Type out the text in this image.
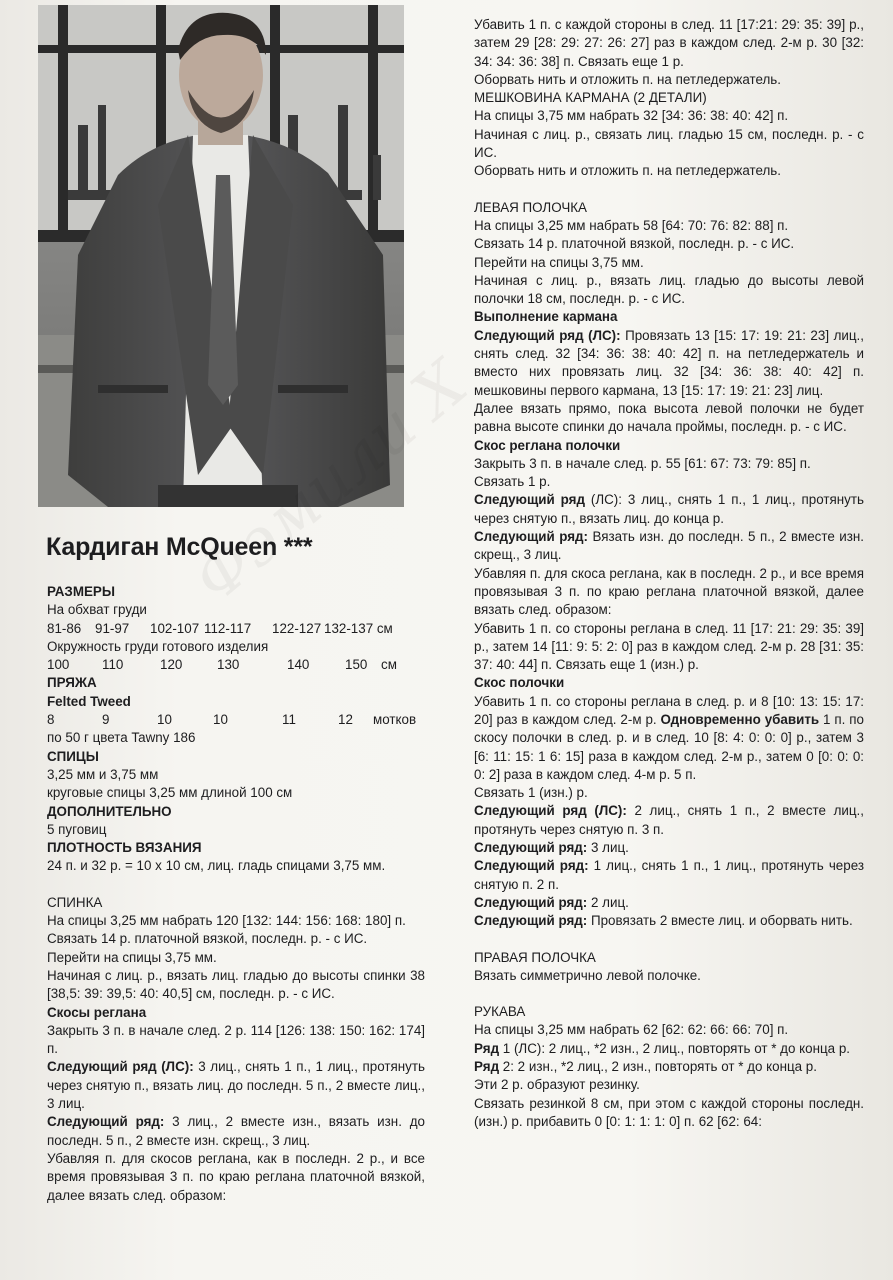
Кардиган McQueen ***

РАЗМЕРЫ

На обхват груди

81-86	91-97	102-107 112-117	122-127 132-137 см

Окружность груди готового изделия

100	110	120	130	140	150	см

ПРЯЖА

Felted Tweed

8	9	10	10	11	12	мотков

по 50 г цвета Tawny 186

СПИЦЫ

3,25 мм и 3,75 мм

круговые спицы 3,25 мм длиной 100 см

ДОПОЛНИТЕЛЬНО

5 пуговиц

ПЛОТНОСТЬ ВЯЗАНИЯ

24 п. и 32 р. = 10 х 10 см, лиц. гладь спицами 3,75 мм.

СПИНКА

На спицы 3,25 мм набрать 120 [132: 144: 156: 168: 180] п.

Связать 14 р. платочной вязкой, последн. р. - с ИС.

Перейти на спицы 3,75 мм.

Начиная с лиц. р., вязать лиц. гладью до высоты спинки 38 [38,5: 39: 39,5: 40: 40,5] см, последн. р. - с ИС.

Скосы реглана

Закрыть 3 п. в начале след. 2 р. 114 [126: 138: 150: 162: 174] п.

Следующий ряд (ЛС): 3 лиц., снять 1 п., 1 лиц., протянуть через снятую п., вязать лиц. до последн. 5 п., 2 вместе лиц., 3 лиц.

Следующий ряд: 3 лиц., 2 вместе изн., вязать изн. до последн. 5 п., 2 вместе изн. скрещ., 3 лиц.

Убавляя п. для скосов реглана, как в последн. 2 р., и все время провязывая 3 п. по краю реглана платочной вязкой, далее вязать след. образом:

Убавить 1 п. с каждой стороны в след. 11 [17:21: 29: 35: 39] р., затем 29 [28: 29: 27: 26: 27] раз в каждом след. 2-м р. 30 [32: 34: 34: 36: 38] п. Связать еще 1 р.

Оборвать нить и отложить п. на петледержатель.

МЕШКОВИНА КАРМАНА (2 ДЕТАЛИ)

На спицы 3,75 мм набрать 32 [34: 36: 38: 40: 42] п.

Начиная с лиц. р., связать лиц. гладью 15 см, последн. р. - с ИС.

Оборвать нить и отложить п. на петледержатель.

ЛЕВАЯ ПОЛОЧКА

На спицы 3,25 мм набрать 58 [64: 70: 76: 82: 88] п.

Связать 14 р. платочной вязкой, последн. р. - с ИС.

Перейти на спицы 3,75 мм.

Начиная с лиц. р., вязать лиц. гладью до высоты левой полочки 18 см, последн. р. - с ИС.

Выполнение кармана

Следующий ряд (ЛС): Провязать 13 [15: 17: 19: 21: 23] лиц., снять след. 32 [34: 36: 38: 40: 42] п. на петледержатель и вместо них провязать лиц. 32 [34: 36: 38: 40: 42] п. мешковины первого кармана, 13 [15: 17: 19: 21: 23] лиц.

Далее вязать прямо, пока высота левой полочки не будет равна высоте спинки до начала проймы, последн. р. - с ИС.

Скос реглана полочки

Закрыть 3 п. в начале след. р. 55 [61: 67: 73: 79: 85] п.

Связать 1 р.

Следующий ряд (ЛС): 3 лиц., снять 1 п., 1 лиц., протянуть через снятую п., вязать лиц. до конца р.

Следующий ряд: Вязать изн. до последн. 5 п., 2 вместе изн. скрещ., 3 лиц.

Убавляя п. для скоса реглана, как в последн. 2 р., и все время провязывая 3 п. по краю реглана платочной вязкой, далее вязать след. образом:

Убавить 1 п. со стороны реглана в след. 11 [17: 21: 29: 35: 39] р., затем 14 [11: 9: 5: 2: 0] раз в каждом след. 2-м р. 28 [31: 35: 37: 40: 44] п. Связать еще 1 (изн.) р.

Скос полочки

Убавить 1 п. со стороны реглана в след. р. и 8 [10: 13: 15: 17: 20] раз в каждом след. 2-м р. Одновременно убавить 1 п. по скосу полочки в след. р. и в след. 10 [8: 4: 0: 0: 0] р., затем 3 [6: 11: 15: 1 6: 15] раза в каждом след. 2-м р., затем 0 [0: 0: 0: 0: 2] раза в каждом след. 4-м р. 5 п.

Связать 1 (изн.) р.

Следующий ряд (ЛС): 2 лиц., снять 1 п., 2 вместе лиц., протянуть через снятую п. 3 п.

Следующий ряд: 3 лиц.

Следующий ряд: 1 лиц., снять 1 п., 1 лиц., протянуть через снятую п. 2 п.

Следующий ряд: 2 лиц.

Следующий ряд: Провязать 2 вместе лиц. и оборвать нить.

ПРАВАЯ ПОЛОЧКА

Вязать симметрично левой полочке.

РУКАВА

На спицы 3,25 мм набрать 62 [62: 62: 66: 66: 70] п.

Ряд 1 (ЛС): 2 лиц., *2 изн., 2 лиц., повторять от * до конца р.

Ряд 2: 2 изн., *2 лиц., 2 изн., повторять от * до конца р.

Эти 2 р. образуют резинку.

Связать резинкой 8 см, при этом с каждой стороны последн. (изн.) р. прибавить 0 [0: 1: 1: 1: 0] п. 62 [62: 64:
